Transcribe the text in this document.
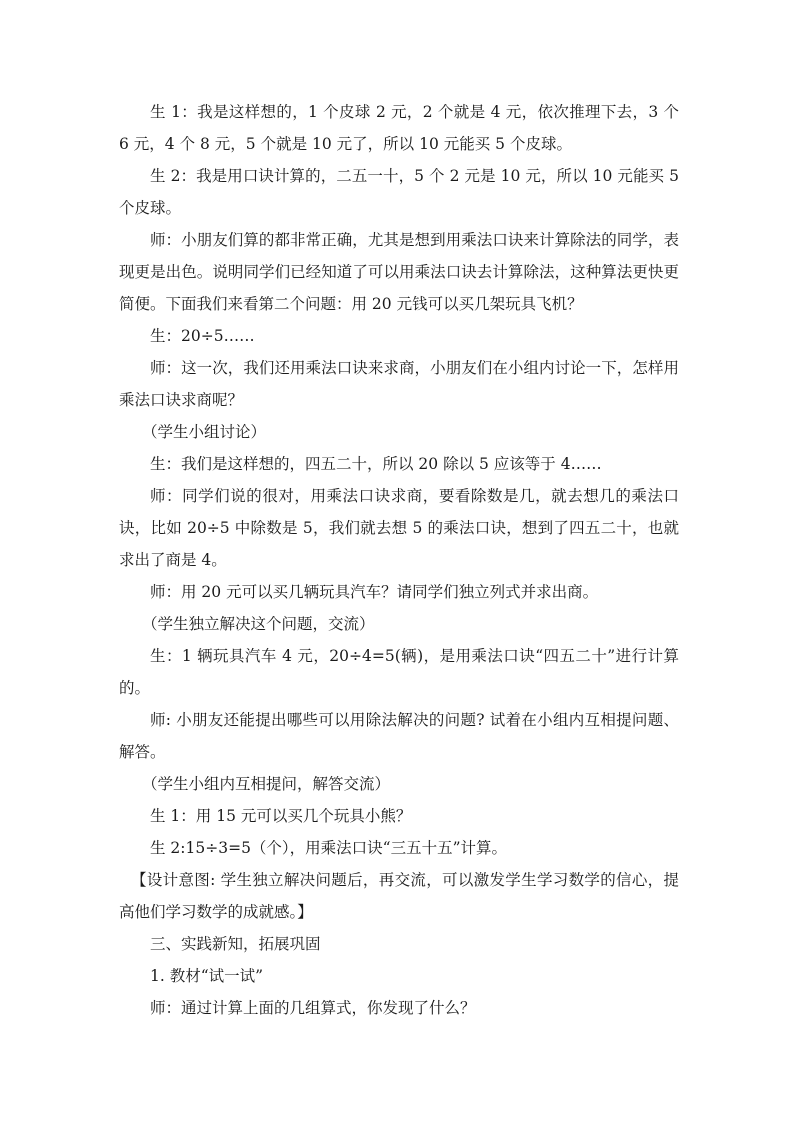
生 1：我是这样想的，1 个皮球 2 元，2 个就是 4 元，依次推理下去，3 个 6 元，4 个 8 元，5 个就是 10 元了，所以 10 元能买 5 个皮球。

生 2：我是用口诀计算的，二五一十，5 个 2 元是 10 元，所以 10 元能买 5 个皮球。

师：小朋友们算的都非常正确，尤其是想到用乘法口诀来计算除法的同学，表现更是出色。说明同学们已经知道了可以用乘法口诀去计算除法，这种算法更快更简便。下面我们来看第二个问题：用 20 元钱可以买几架玩具飞机？

生：20÷5……

师：这一次，我们还用乘法口诀来求商，小朋友们在小组内讨论一下，怎样用乘法口诀求商呢？

（学生小组讨论）

生：我们是这样想的，四五二十，所以 20 除以 5 应该等于 4……

师：同学们说的很对，用乘法口诀求商，要看除数是几，就去想几的乘法口诀，比如 20÷5 中除数是 5，我们就去想 5 的乘法口诀，想到了四五二十，也就求出了商是 4。

师：用 20 元可以买几辆玩具汽车？请同学们独立列式并求出商。

（学生独立解决这个问题，交流）

生：1 辆玩具汽车 4 元，20÷4=5(辆)，是用乘法口诀“四五二十”进行计算的。

师: 小朋友还能提出哪些可以用除法解决的问题? 试着在小组内互相提问题、解答。

（学生小组内互相提问，解答交流）

生 1：用 15 元可以买几个玩具小熊？

生 2:15÷3=5（个），用乘法口诀“三五十五”计算。

【设计意图: 学生独立解决问题后，再交流，可以激发学生学习数学的信心，提高他们学习数学的成就感。】

三、实践新知，拓展巩固

1. 教材“试一试”

师：通过计算上面的几组算式，你发现了什么？
